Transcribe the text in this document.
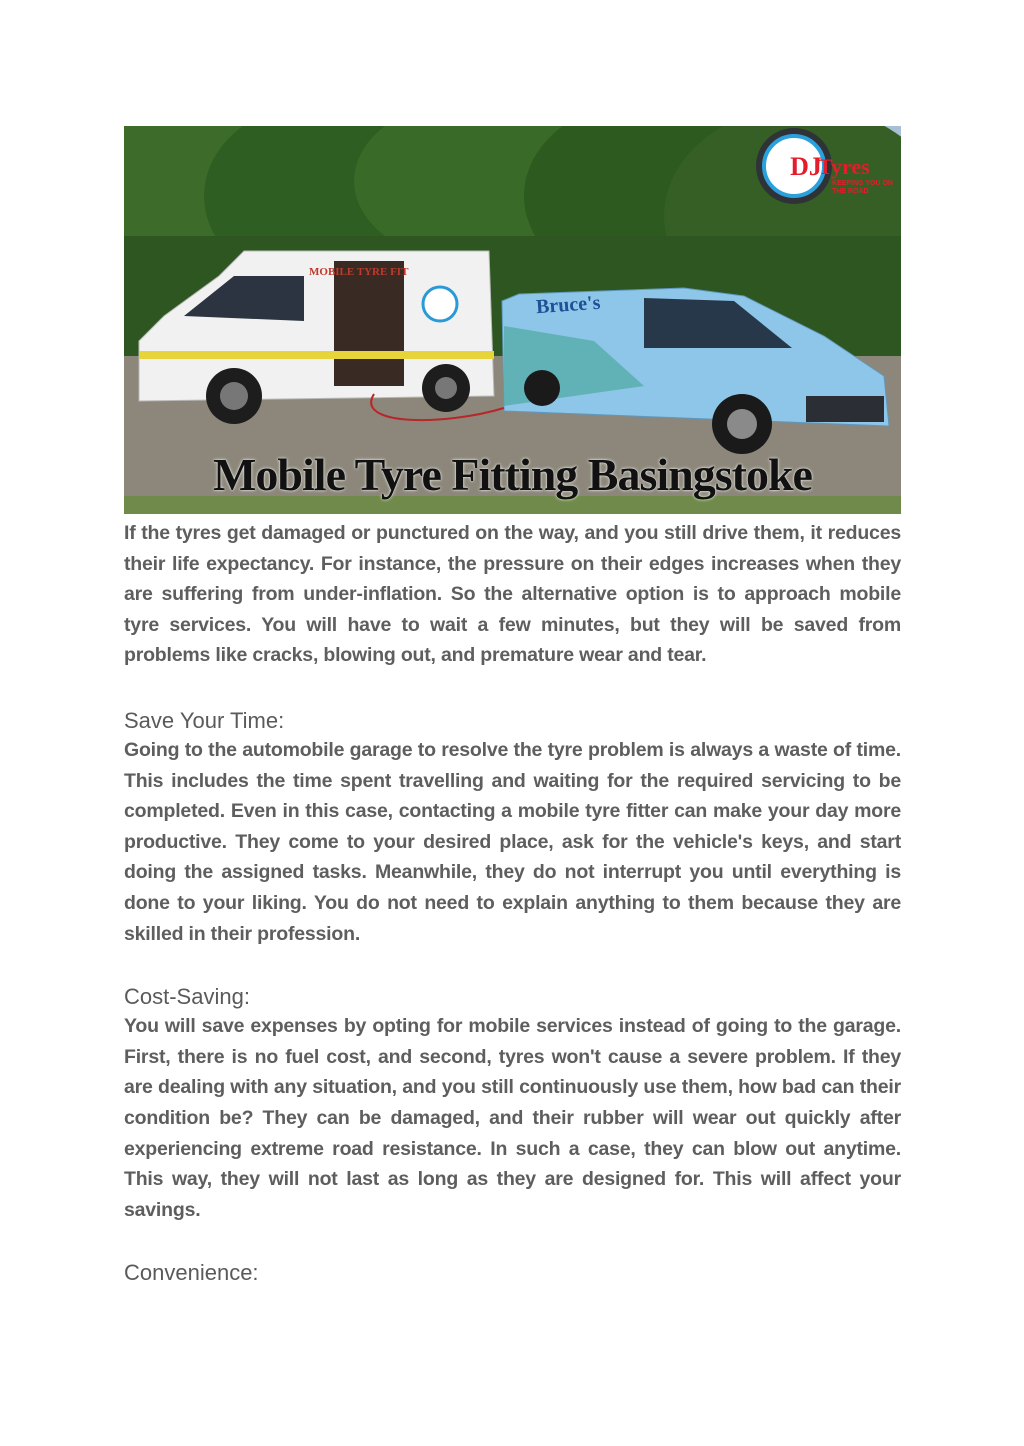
DJ
Tyres
KEEPING YOU ON THE ROAD
MOBILE TYRE FIT
Bruce's
Mobile Tyre Fitting Basingstoke

If the tyres get damaged or punctured on the way, and you still drive them, it reduces their life expectancy. For instance, the pressure on their edges increases when they are suffering from under-inflation. So the alternative option is to approach mobile tyre services. You will have to wait a few minutes, but they will be saved from problems like cracks, blowing out, and premature wear and tear.

Save Your Time:

Going to the automobile garage to resolve the tyre problem is always a waste of time. This includes the time spent travelling and waiting for the required servicing to be completed. Even in this case, contacting a mobile tyre fitter can make your day more productive. They come to your desired place, ask for the vehicle's keys, and start doing the assigned tasks. Meanwhile, they do not interrupt you until everything is done to your liking. You do not need to explain anything to them because they are skilled in their profession.

Cost-Saving:

You will save expenses by opting for mobile services instead of going to the garage. First, there is no fuel cost, and second, tyres won't cause a severe problem. If they are dealing with any situation, and you still continuously use them, how bad can their condition be? They can be damaged, and their rubber will wear out quickly after experiencing extreme road resistance. In such a case, they can blow out anytime. This way, they will not last as long as they are designed for. This will affect your savings.

Convenience:
